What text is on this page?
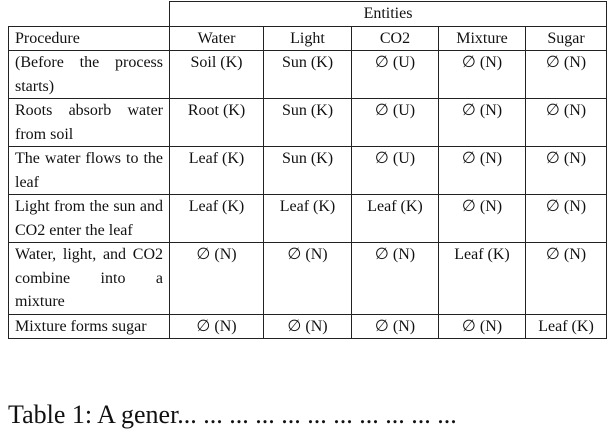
	Entities				
Procedure	Water	Light	CO2	Mixture	Sugar
(Before the process starts)	Soil (K)	Sun (K)	∅ (U)	∅ (N)	∅ (N)
Roots absorb water from soil	Root (K)	Sun (K)	∅ (U)	∅ (N)	∅ (N)
The water flows to the leaf	Leaf (K)	Sun (K)	∅ (U)	∅ (N)	∅ (N)
Light from the sun and CO2 enter the leaf	Leaf (K)	Leaf (K)	Leaf (K)	∅ (N)	∅ (N)
Water, light, and CO2 combine into a mixture	∅ (N)	∅ (N)	∅ (N)	Leaf (K)	∅ (N)
Mixture forms sugar	∅ (N)	∅ (N)	∅ (N)	∅ (N)	Leaf (K)
Table 1: A gener... ... ... ... ... ... ... ... ... ... ...
